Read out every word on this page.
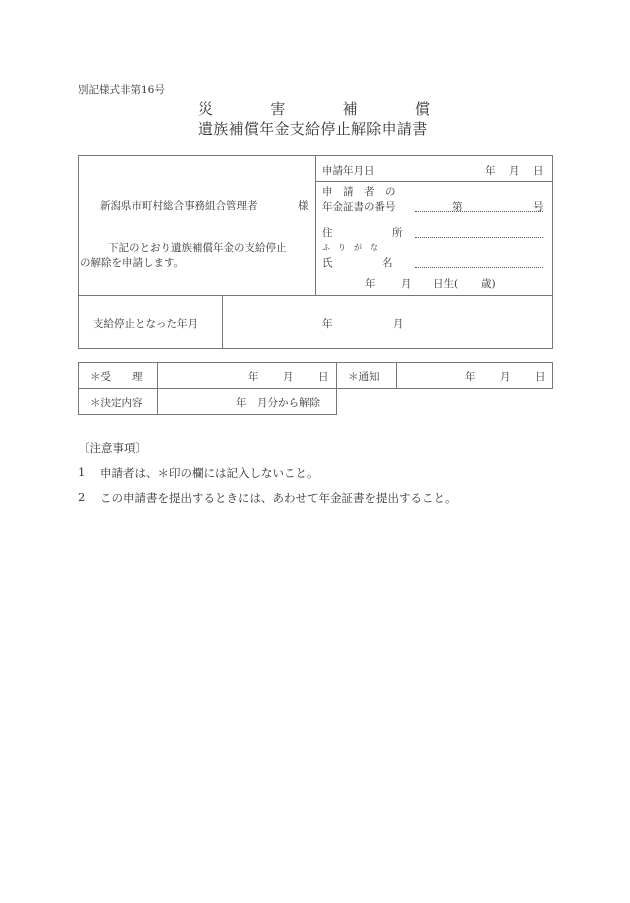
別記様式非第16号
災	害	補	償
遺族補償年金支給停止解除申請書
新潟県市町村総合事務組合管理者	様
下記のとおり遺族補償年金の支給停止
の解除を申請します。
申請年月日	年 月 日
申　請　者　の
年金証書の番号	第	号
住	所
ふ　り　が　な
氏	名
年 月 日生( 歳)
支給停止となった年月	年	月
＊受　　理	年 月 日 ＊通知	年 月 日
＊決定内容	年　月分から解除
〔注意事項〕
1 申請者は、＊印の欄には記入しないこと。
2 この申請書を提出するときには、あわせて年金証書を提出すること。
